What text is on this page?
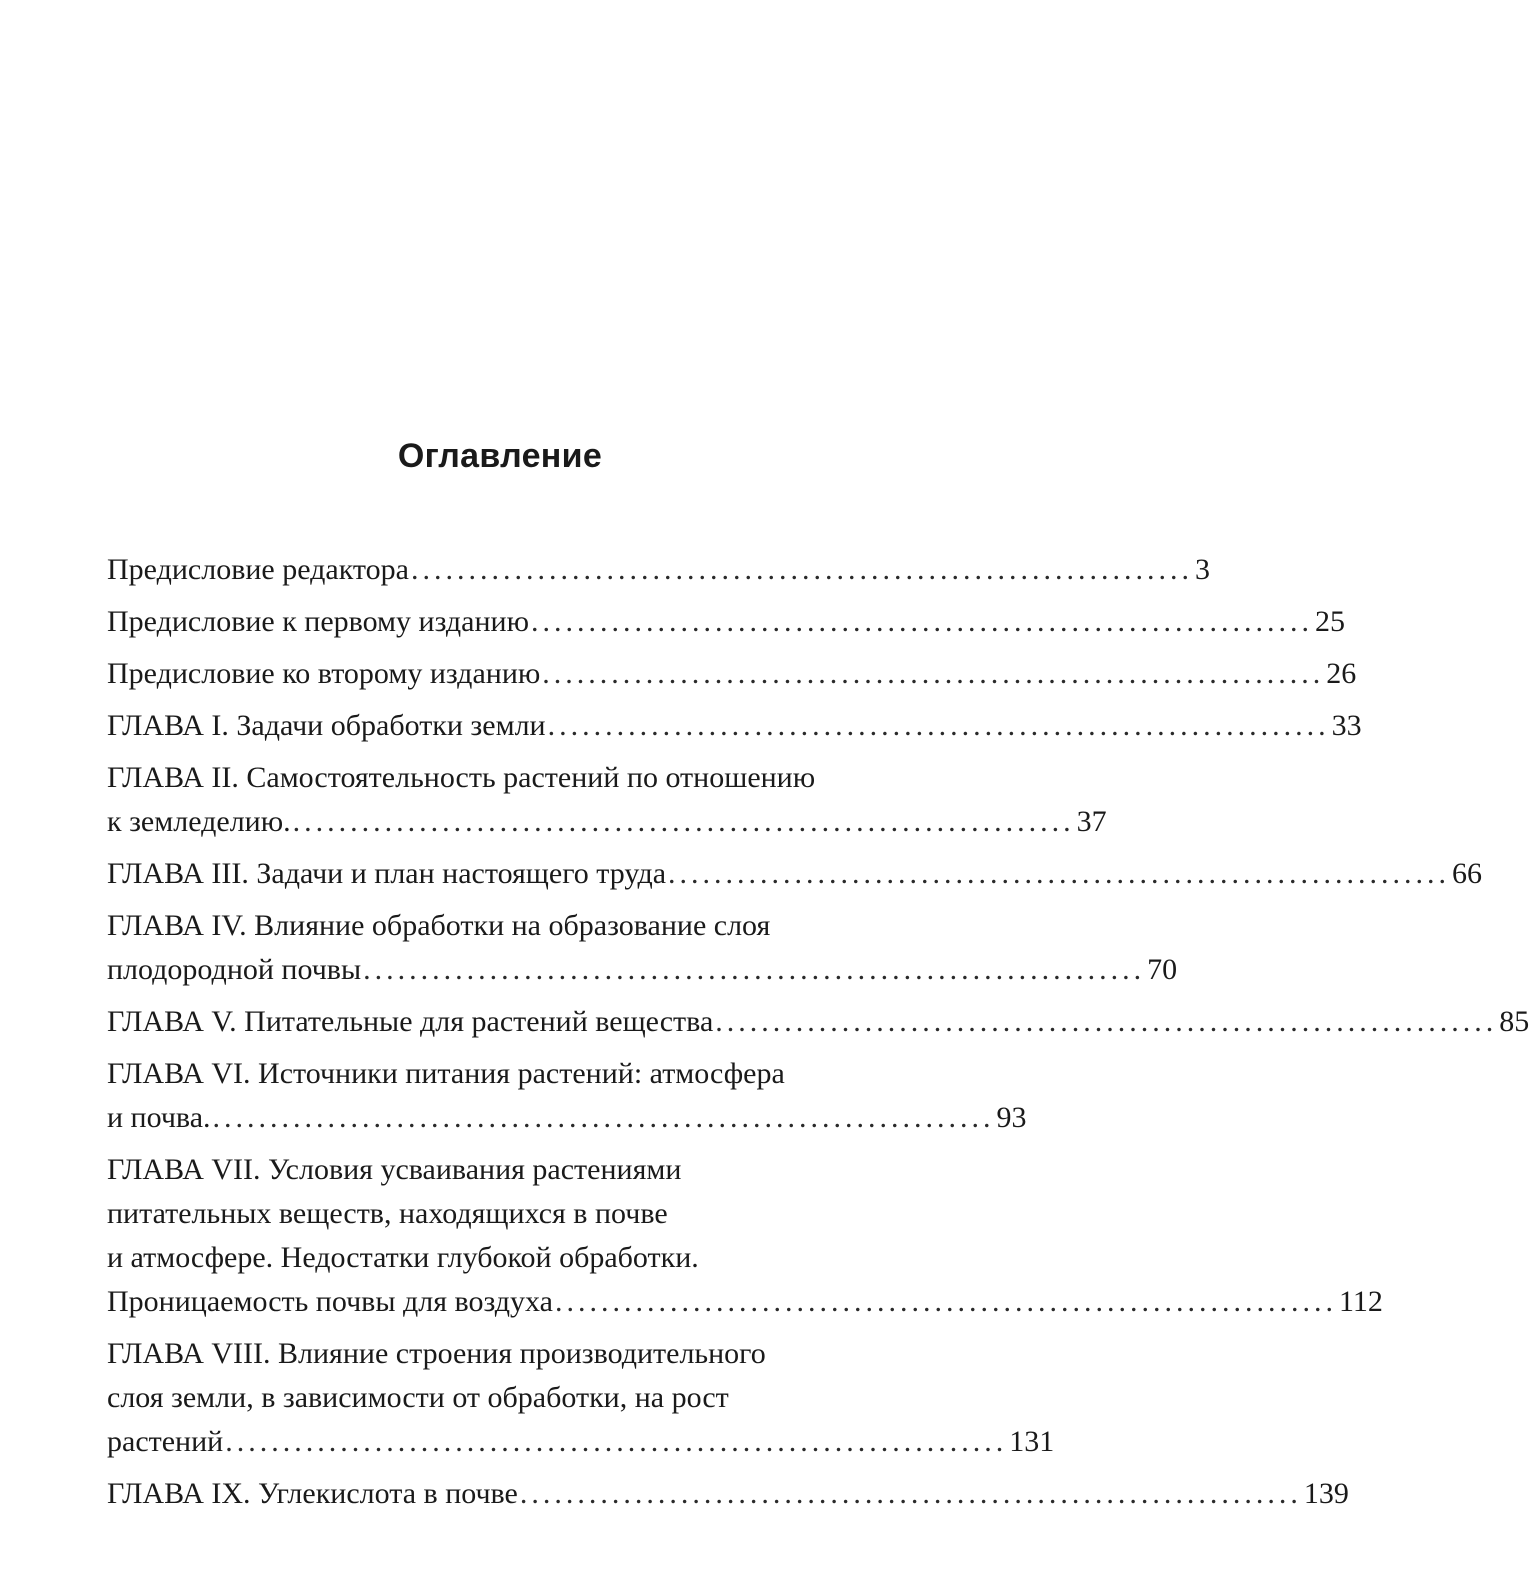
Оглавление
Предисловие редактора .................................................................... 3
Предисловие к первому изданию .................................................................... 25
Предисловие ко второму изданию .................................................................... 26
ГЛАВА I. Задачи обработки земли .................................................................... 33
ГЛАВА II. Самостоятельность растений по отношению
к земледелию. .................................................................... 37
ГЛАВА III. Задачи и план настоящего труда .................................................................... 66
ГЛАВА IV. Влияние обработки на образование слоя
плодородной почвы .................................................................... 70
ГЛАВА V. Питательные для растений вещества .................................................................... 85
ГЛАВА VI. Источники питания растений: атмосфера
и почва. .................................................................... 93
ГЛАВА VII. Условия усваивания растениями
питательных веществ, находящихся в почве
и атмосфере. Недостатки глубокой обработки.
Проницаемость почвы для воздуха .................................................................... 112
ГЛАВА VIII. Влияние строения производительного
слоя земли, в зависимости от обработки, на рост
растений .................................................................... 131
ГЛАВА IX. Углекислота в почве .................................................................... 139
